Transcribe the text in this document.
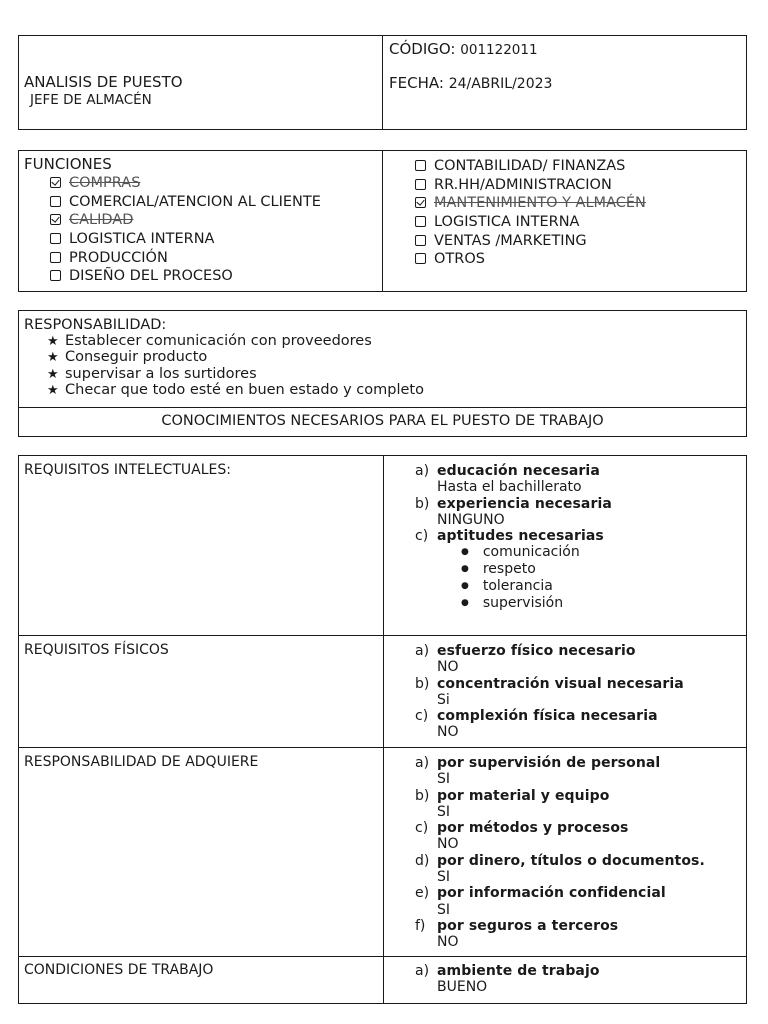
ANALISIS DE PUESTO
JEFE DE ALMACÉN
CÓDIGO: 001122011
FECHA: 24/ABRIL/2023
FUNCIONES
COMPRAS
COMERCIAL/ATENCION AL CLIENTE
CALIDAD
LOGISTICA INTERNA
PRODUCCIÓN
DISEÑO DEL PROCESO
CONTABILIDAD/ FINANZAS
RR.HH/ADMINISTRACION
MANTENIMIENTO Y ALMACÉN
LOGISTICA INTERNA
VENTAS /MARKETING
OTROS
RESPONSABILIDAD:
★ Establecer comunicación con proveedores
★ Conseguir producto
★ supervisar a los surtidores
★ Checar que todo esté en buen estado y completo
CONOCIMIENTOS NECESARIOS PARA EL PUESTO DE TRABAJO
REQUISITOS INTELECTUALES:	a) educación necesaria
Hasta el bachillerato
b) experiencia necesaria
NINGUNO
c) aptitudes necesarias
● comunicación
● respeto
● tolerancia
● supervisión
REQUISITOS FÍSICOS	a) esfuerzo físico necesario
NO
b) concentración visual necesaria
Si
c) complexión física necesaria
NO
RESPONSABILIDAD DE ADQUIERE	a) por supervisión de personal
SI
b) por material y equipo
SI
c) por métodos y procesos
NO
d) por dinero, títulos o documentos.
SI
e) por información confidencial
SI
f) por seguros a terceros
NO
CONDICIONES DE TRABAJO	a) ambiente de trabajo
BUENO
